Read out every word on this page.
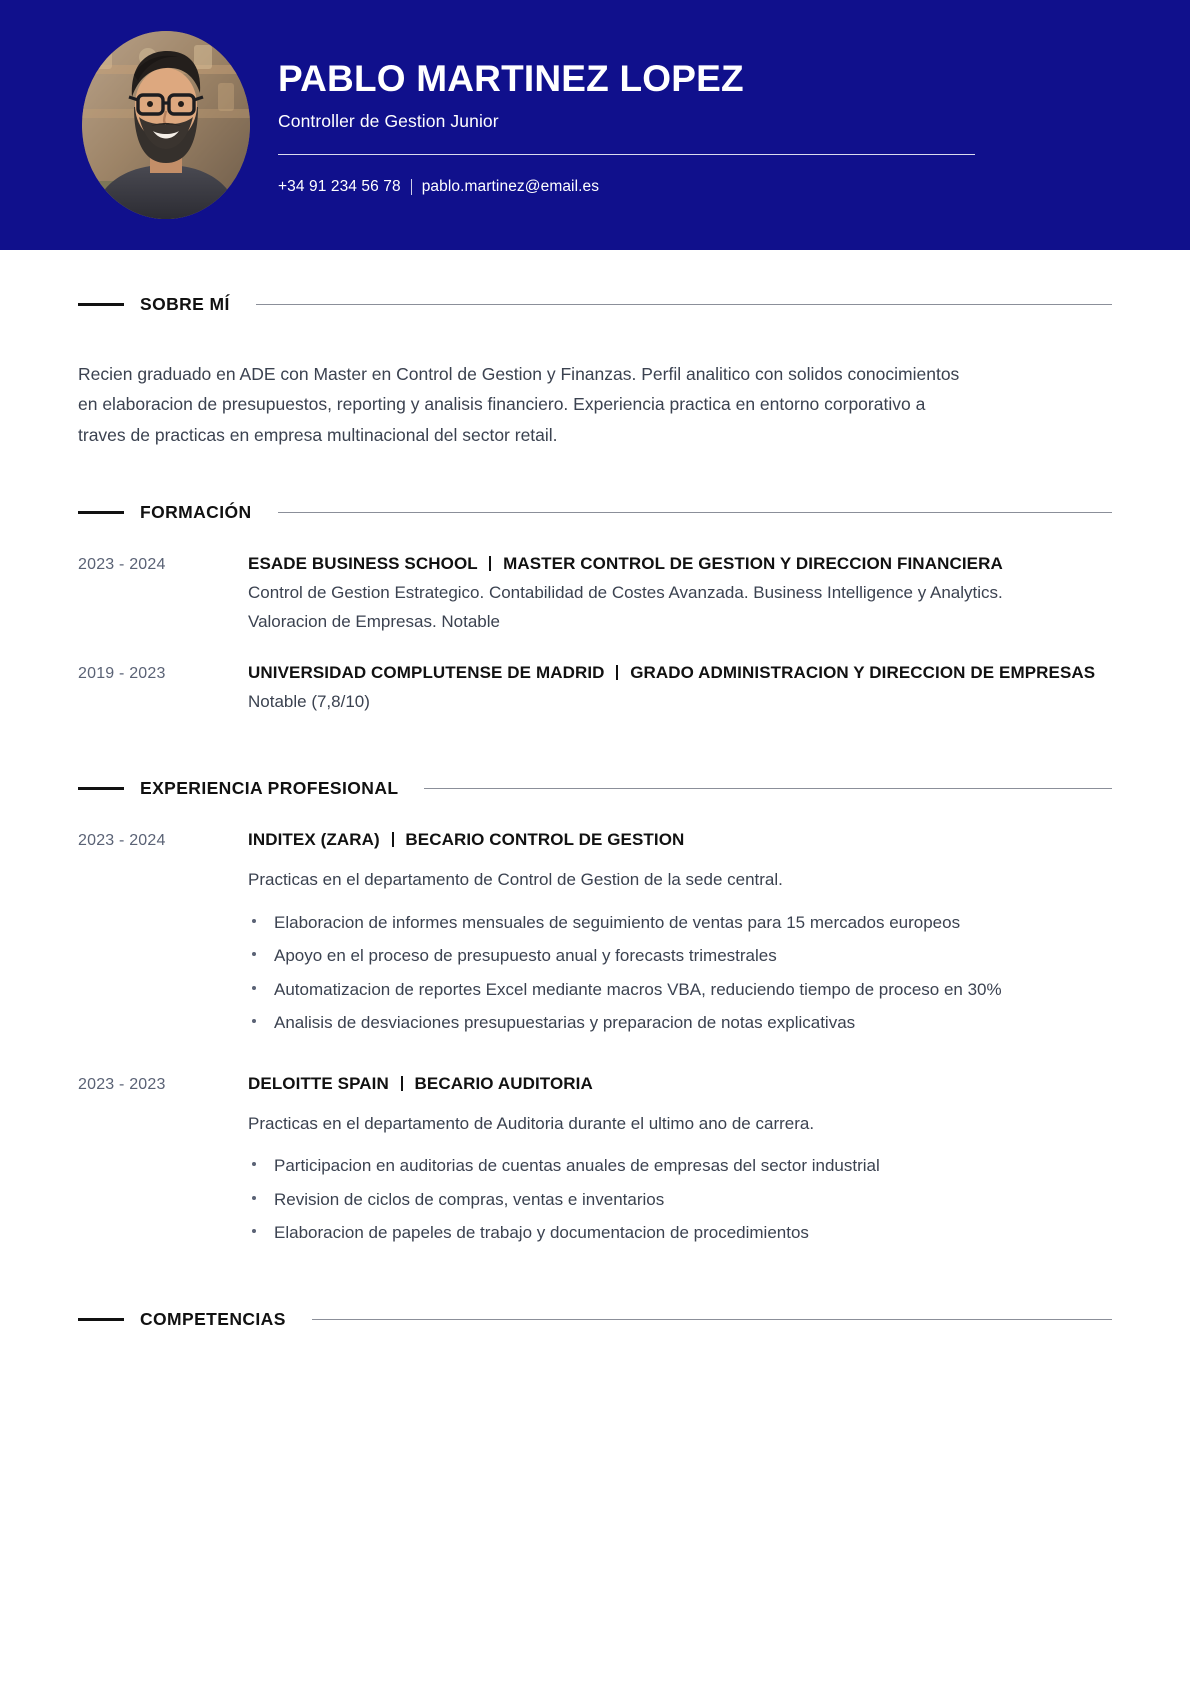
PABLO MARTINEZ LOPEZ
Controller de Gestion Junior
+34 91 234 56 78 pablo.martinez@email.es
SOBRE MÍ

Recien graduado en ADE con Master en Control de Gestion y Finanzas. Perfil analitico con solidos conocimientos en elaboracion de presupuestos, reporting y analisis financiero. Experiencia practica en entorno corporativo a traves de practicas en empresa multinacional del sector retail.

FORMACIÓN
2023 - 2024	ESADE BUSINESS SCHOOL MASTER CONTROL DE GESTION Y DIRECCION FINANCIERA
Control de Gestion Estrategico. Contabilidad de Costes Avanzada. Business Intelligence y Analytics. Valoracion de Empresas. Notable
2019 - 2023	UNIVERSIDAD COMPLUTENSE DE MADRID GRADO ADMINISTRACION Y DIRECCION DE EMPRESAS
Notable (7,8/10)
EXPERIENCIA PROFESIONAL
2023 - 2024	INDITEX (ZARA) BECARIO CONTROL DE GESTION
Practicas en el departamento de Control de Gestion de la sede central.
Elaboracion de informes mensuales de seguimiento de ventas para 15 mercados europeos
Apoyo en el proceso de presupuesto anual y forecasts trimestrales
Automatizacion de reportes Excel mediante macros VBA, reduciendo tiempo de proceso en 30%
Analisis de desviaciones presupuestarias y preparacion de notas explicativas
2023 - 2023	DELOITTE SPAIN BECARIO AUDITORIA
Practicas en el departamento de Auditoria durante el ultimo ano de carrera.
Participacion en auditorias de cuentas anuales de empresas del sector industrial
Revision de ciclos de compras, ventas e inventarios
Elaboracion de papeles de trabajo y documentacion de procedimientos
COMPETENCIAS
